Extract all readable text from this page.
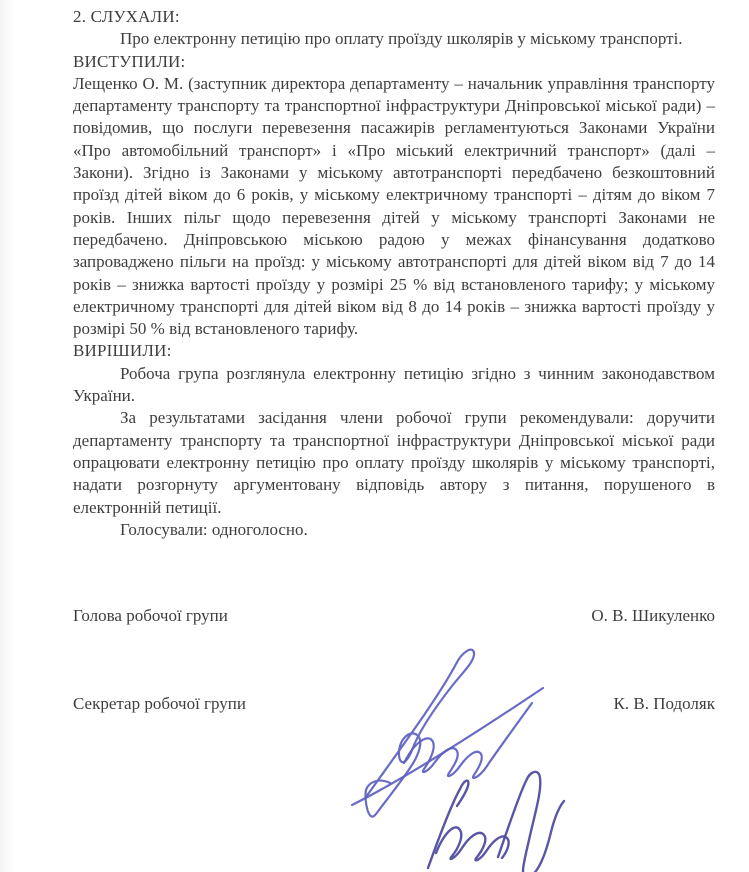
2. СЛУХАЛИ:

Про електронну петицію про оплату проїзду школярів у міському транспорті.

ВИСТУПИЛИ:

Лещенко О. М. (заступник директора департаменту – начальник управління транспорту департаменту транспорту та транспортної інфраструктури Дніпровської міської ради) – повідомив, що послуги перевезення пасажирів регламентуються Законами України «Про автомобільний транспорт» і «Про міський електричний транспорт» (далі – Закони). Згідно із Законами у міському автотранспорті передбачено безкоштовний проїзд дітей віком до 6 років, у міському електричному транспорті – дітям до віком 7 років. Інших пільг щодо перевезення дітей у міському транспорті Законами не передбачено. Дніпровською міською радою у межах фінансування додатково запроваджено пільги на проїзд: у міському автотранспорті для дітей віком від 7 до 14 років – знижка вартості проїзду у розмірі 25 % від встановленого тарифу; у міському електричному транспорті для дітей віком від 8 до 14 років – знижка вартості проїзду у розмірі 50 % від встановленого тарифу.

ВИРІШИЛИ:

Робоча група розглянула електронну петицію згідно з чинним законодавством України.

За результатами засідання члени робочої групи рекомендували: доручити департаменту транспорту та транспортної інфраструктури Дніпровської міської ради опрацювати електронну петицію про оплату проїзду школярів у міському транспорті, надати розгорнуту аргументовану відповідь автору з питання, порушеного в електронній петиції.

Голосували: одноголосно.

Голова робочої групи	О. В. Шикуленко
Секретар робочої групи	К. В. Подоляк
